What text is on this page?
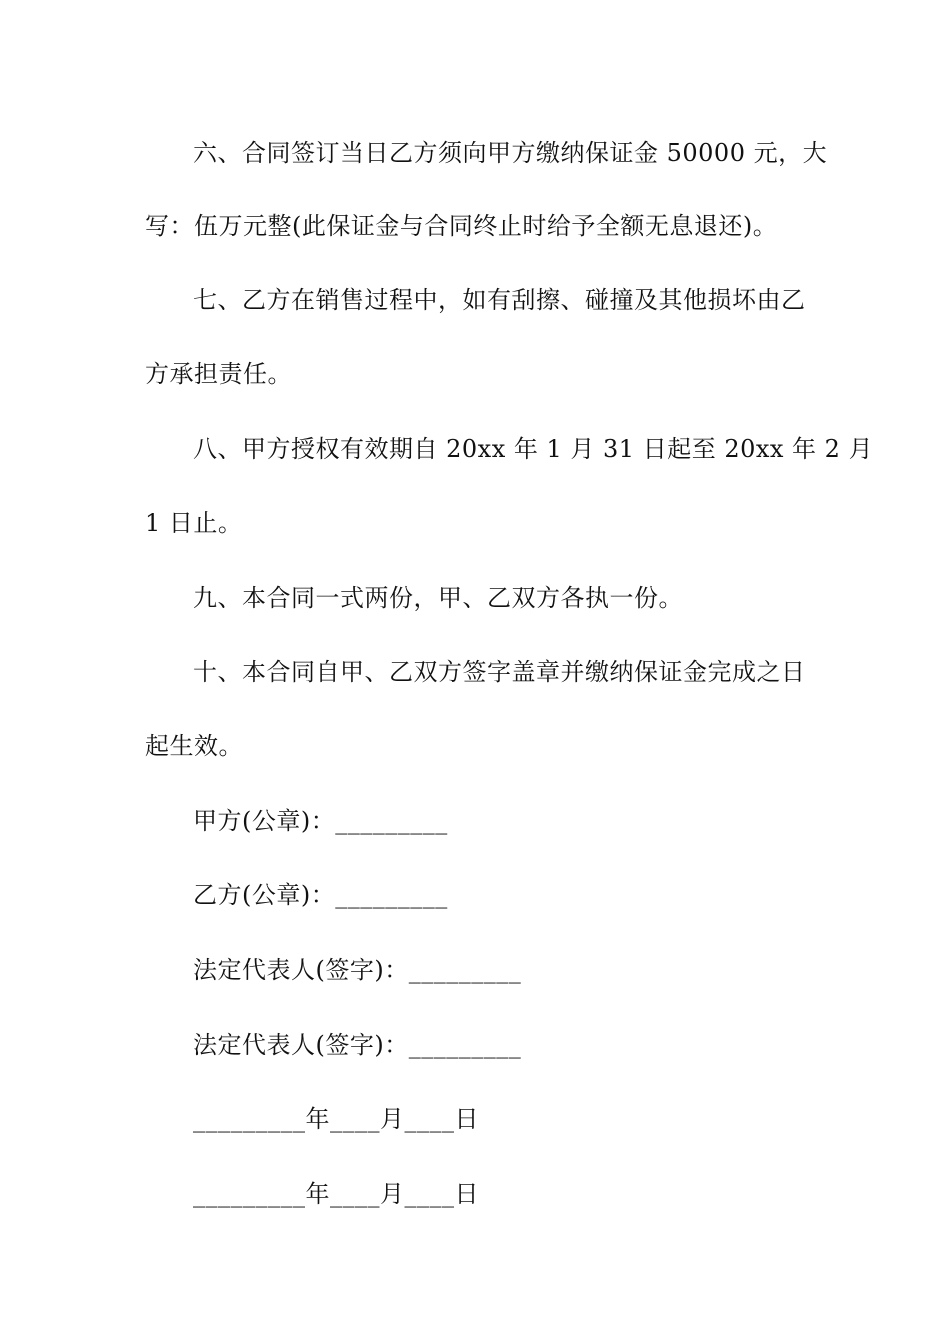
六、合同签订当日乙方须向甲方缴纳保证金 50000 元，大
写：伍万元整(此保证金与合同终止时给予全额无息退还)。
七、乙方在销售过程中，如有刮擦、碰撞及其他损坏由乙
方承担责任。
八、甲方授权有效期自 20xx 年 1 月 31 日起至 20xx 年 2 月
1 日止。
九、本合同一式两份，甲、乙双方各执一份。
十、本合同自甲、乙双方签字盖章并缴纳保证金完成之日
起生效。
甲方(公章)：_________
乙方(公章)：_________
法定代表人(签字)：_________
法定代表人(签字)：_________
_________年____月____日
_________年____月____日
